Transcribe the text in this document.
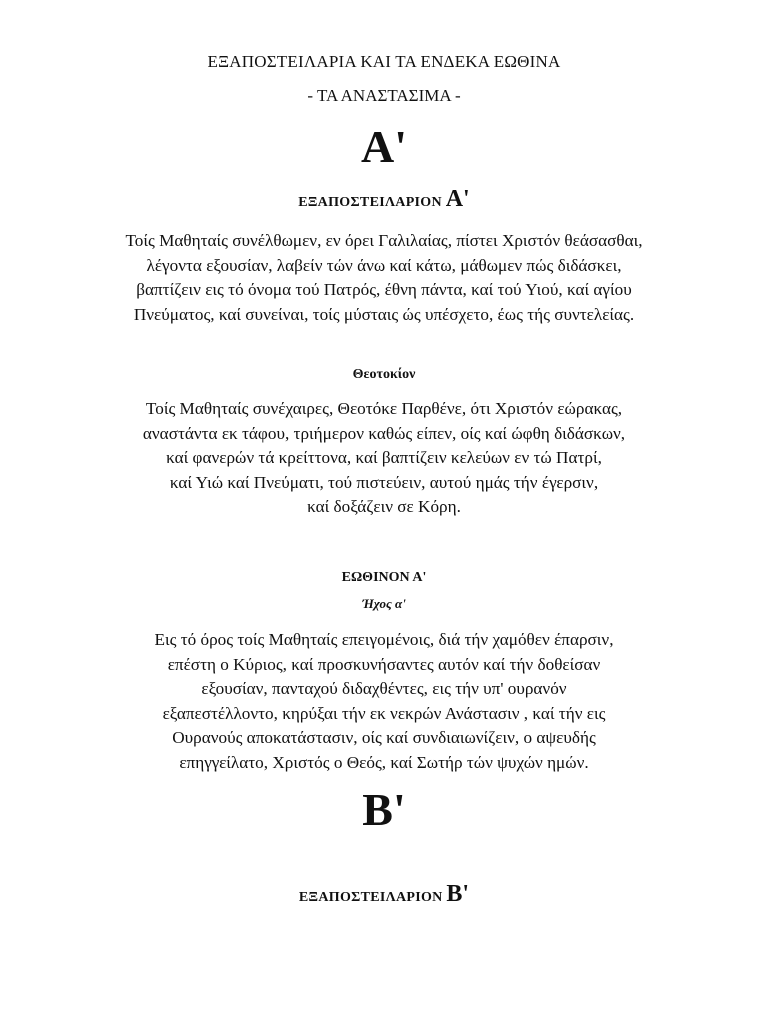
ΕΞΑΠΟΣΤΕΙΛΑΡΙΑ ΚΑΙ ΤΑ ΕΝΔΕΚΑ ΕΩΘΙΝΑ
- ΤΑ ΑΝΑΣΤΑΣΙΜΑ -
Α'
ΕΞΑΠΟΣΤΕΙΛΑΡΙΟΝ Α'
Τοίς Μαθηταίς συνέλθωμεν, εν όρει Γαλιλαίας, πίστει Χριστόν θεάσασθαι,
λέγοντα εξουσίαν, λαβείν τών άνω καί κάτω, μάθωμεν πώς διδάσκει,
βαπτίζειν εις τό όνομα τού Πατρός, έθνη πάντα, καί τού Υιού, καί αγίου
Πνεύματος, καί συνείναι, τοίς μύσταις ώς υπέσχετο, έως τής συντελείας.
Θεοτοκίον
Τοίς Μαθηταίς συνέχαιρες, Θεοτόκε Παρθένε, ότι Χριστόν εώρακας,
αναστάντα εκ τάφου, τριήμερον καθώς είπεν, οίς καί ώφθη διδάσκων,
καί φανερών τά κρείττονα, καί βαπτίζειν κελεύων εν τώ Πατρί,
καί Υιώ καί Πνεύματι, τού πιστεύειν, αυτού ημάς τήν έγερσιν,
καί δοξάζειν σε Κόρη.
ΕΩΘΙΝΟΝ Α'
Ήχος α'
Εις τό όρος τοίς Μαθηταίς επειγομένοις, διά τήν χαμόθεν έπαρσιν,
επέστη ο Κύριος, καί προσκυνήσαντες αυτόν καί τήν δοθείσαν
εξουσίαν, πανταχού διδαχθέντες, εις τήν υπ' ουρανόν
εξαπεστέλλοντο, κηρύξαι τήν εκ νεκρών Ανάστασιν , καί τήν εις
Ουρανούς αποκατάστασιν, οίς καί συνδιαιωνίζειν, ο αψευδής
επηγγείλατο, Χριστός ο Θεός, καί Σωτήρ τών ψυχών ημών.
Β'
ΕΞΑΠΟΣΤΕΙΛΑΡΙΟΝ Β'
